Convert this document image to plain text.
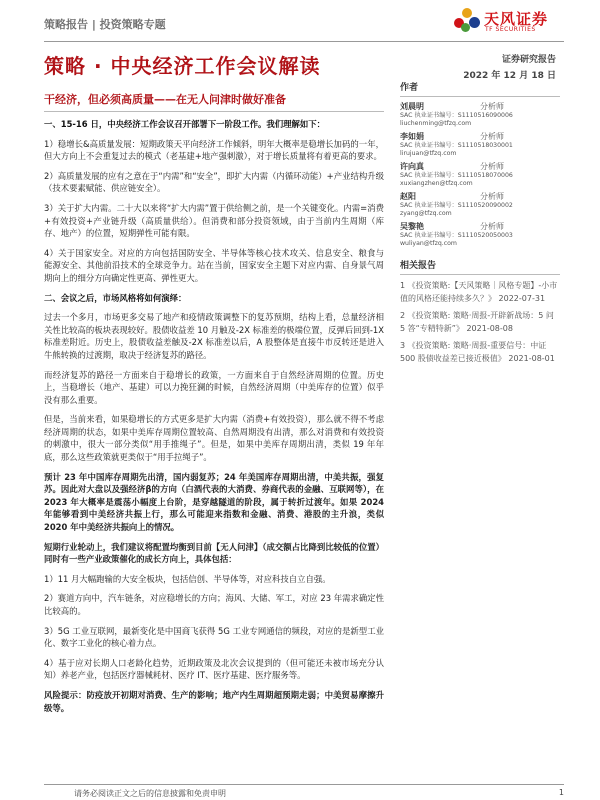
策略报告 | 投资策略专题	天风证券
TF SECURITIES
策略 · 中央经济工作会议解读	证券研究报告
2022 年 12 月 18 日
干经济，但必须高质量——在无人问津时做好准备
一、15-16 日，中央经济工作会议召开部署下一阶段工作。我们理解如下：
1）稳增长&高质量发展：短期政策天平向经济工作倾斜，明年大概率是稳增长加码的一年，但大方向上不会重复过去的模式（老基建+地产强刺激），对于增长质量将有着更高的要求。
2）高质量发展的应有之意在于“内需”和“安全”，即扩大内需（内循环动能）+产业结构升级（技术要素赋能、供应链安全）。
3）关于扩大内需。二十大以来将“扩大内需”置于供给侧之前，是一个关键变化。内需=消费+有效投资+产业链升级（高质量供给）。但消费和部分投资领域，由于当前内生周期（库存、地产）的位置，短期弹性可能有限。
4）关于国家安全。对应的方向包括国防安全、半导体等核心技术攻关、信息安全、粮食与能源安全、其他前沿技术的全球竞争力。站在当前，国家安全主题下对应内需、自身景气周期向上的细分方向确定性更高、弹性更大。
二、会议之后，市场风格将如何演绎：
过去一个多月，市场更多交易了地产和疫情政策调整下的复苏预期，结构上看，总量经济相关性比较高的板块表现较好。股债收益差 10 月触及-2X 标准差的极端位置，反弹后回到-1X 标准差附近。历史上，股债收益差触及-2X 标准差以后，A 股整体是直接牛市反转还是进入牛熊转换的过渡期，取决于经济复苏的路径。
而经济复苏的路径一方面来自于稳增长的政策，一方面来自于自然经济周期的位置。历史上，当稳增长（地产、基建）可以力挽狂澜的时候，自然经济周期（中美库存的位置）似乎没有那么重要。
但是，当前来看，如果稳增长的方式更多是扩大内需（消费+有效投资），那么就不得不考虑经济周期的状态，如果中美库存周期位置较高、自然周期没有出清，那么对消费和有效投资的刺激中，很大一部分类似“用手推绳子”。但是，如果中美库存周期出清，类似 19 年年底，那么这些政策就更类似于“用手拉绳子”。
预计 23 年中国库存周期先出清，国内弱复苏；24 年美国库存周期出清，中美共振，强复苏。因此对大盘以及强经济β的方向（白酒代表的大消费、券商代表的金融、互联网等），在 2023 年大概率是震荡小幅度上台阶，是穿越隧道的阶段，属于转折过渡年。如果 2024 年能够看到中美经济共振上行，那么可能迎来指数和金融、消费、港股的主升浪，类似 2020 年中美经济共振向上的情况。
短期行业轮动上，我们建议将配置均衡到目前【无人问津】（成交额占比降到比较低的位置）同时有一些产业政策催化的成长方向上，具体包括：
1）11 月大幅跑输的大安全板块，包括信创、半导体等，对应科技自立自强。
2）赛道方向中，汽车链条，对应稳增长的方向；海风、大储、军工，对应 23 年需求确定性比较高的。
3）5G 工业互联网，最新变化是中国商飞获得 5G 工业专网通信的频段，对应的是新型工业化、数字工业化的核心着力点。
4）基于应对长期人口老龄化趋势，近期政策及北次会议提到的（但可能还未被市场充分认知）养老产业，包括医疗器械耗材、医疗 IT、医疗基建、医疗服务等。
风险提示：防疫放开初期对消费、生产的影响；地产内生周期超预期走弱；中美贸易摩擦升级等。
作者
刘晨明	分析师
SAC 执业证书编号：S1110516090006
liuchenming@tfzq.com
李如娟	分析师
SAC 执业证书编号：S1110518030001
lirujuan@tfzq.com
许向真	分析师
SAC 执业证书编号：S1110518070006
xuxiangzhen@tfzq.com
赵阳	分析师
SAC 执业证书编号：S1110520090002
zyang@tfzq.com
吴黎艳	分析师
SAC 执业证书编号：S1110520050003
wuliyan@tfzq.com
相关报告
1 《投资策略:【天风策略｜风格专题】-小市值的风格还能持续多久？》 2022-07-31
2 《投资策略: 策略·周报-开辟新战场：5 问 5 答“专精特新”》 2021-08-08
3 《投资策略: 策略·周报-重要信号：中证 500 股债收益差已接近极值》 2021-08-01
请务必阅读正文之后的信息披露和免责申明	1
